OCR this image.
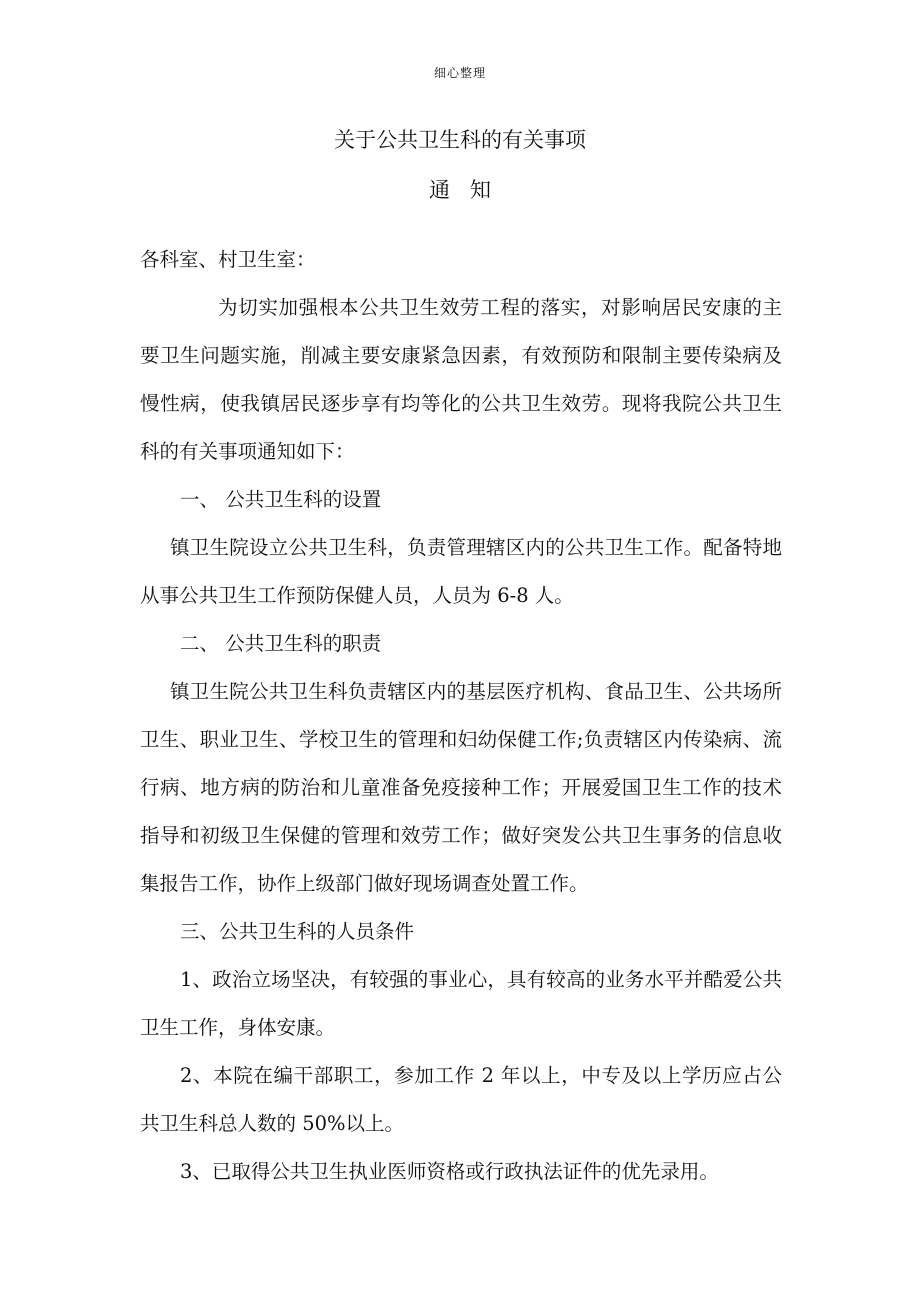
细心整理
关于公共卫生科的有关事项
通知

各科室、村卫生室：

为切实加强根本公共卫生效劳工程的落实，对影响居民安康的主要卫生问题实施，削减主要安康紧急因素，有效预防和限制主要传染病及慢性病，使我镇居民逐步享有均等化的公共卫生效劳。现将我院公共卫生科的有关事项通知如下：

一、 公共卫生科的设置

镇卫生院设立公共卫生科，负责管理辖区内的公共卫生工作。配备特地从事公共卫生工作预防保健人员，人员为 6-8 人。

二、 公共卫生科的职责

镇卫生院公共卫生科负责辖区内的基层医疗机构、食品卫生、公共场所卫生、职业卫生、学校卫生的管理和妇幼保健工作;负责辖区内传染病、流行病、地方病的防治和儿童准备免疫接种工作；开展爱国卫生工作的技术指导和初级卫生保健的管理和效劳工作；做好突发公共卫生事务的信息收集报告工作，协作上级部门做好现场调查处置工作。

三、公共卫生科的人员条件

1、政治立场坚决，有较强的事业心，具有较高的业务水平并酷爱公共卫生工作，身体安康。

2、本院在编干部职工，参加工作 2 年以上，中专及以上学历应占公共卫生科总人数的 50%以上。

3、已取得公共卫生执业医师资格或行政执法证件的优先录用。
